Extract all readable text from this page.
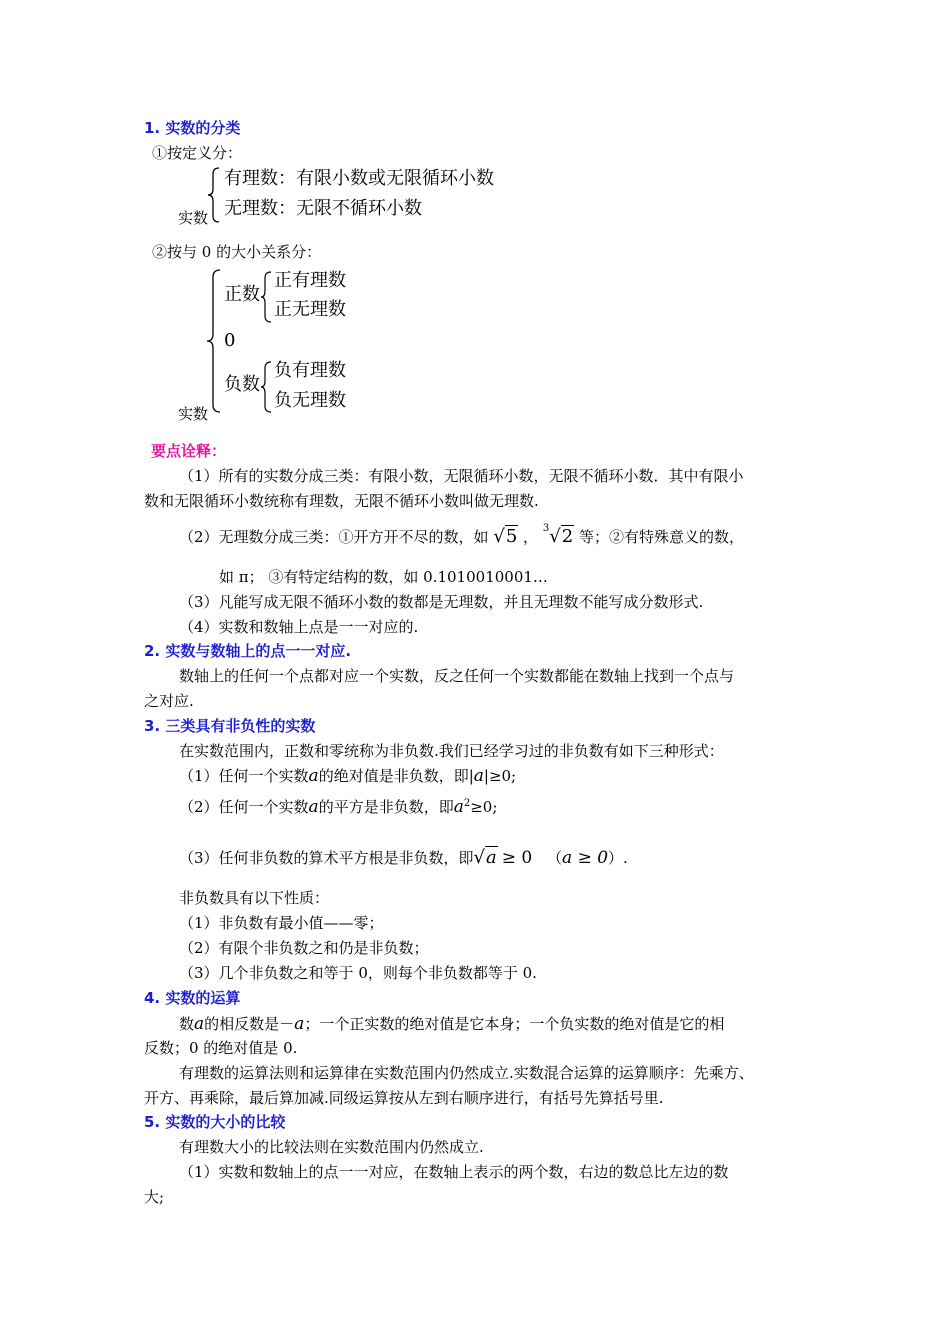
1. 实数的分类
①按定义分：
实数
有理数：有限小数或无限循环小数
无理数：无限不循环小数
②按与 0 的大小关系分：
实数
正数
正有理数
正无理数
0
负数
负有理数
负无理数
要点诠释：
（1）所有的实数分成三类：有限小数，无限循环小数，无限不循环小数．其中有限小
数和无限循环小数统称有理数，无限不循环小数叫做无理数.
（2）无理数分成三类：①开方开不尽的数，如 √5 ， $^3$√2 等；②有特殊意义的数，
如 π； ③有特定结构的数，如 0.1010010001…
（3）凡能写成无限不循环小数的数都是无理数，并且无理数不能写成分数形式.
（4）实数和数轴上点是一一对应的.
2. 实数与数轴上的点一一对应.
数轴上的任何一个点都对应一个实数，反之任何一个实数都能在数轴上找到一个点与
之对应.
3. 三类具有非负性的实数
在实数范围内，正数和零统称为非负数.我们已经学习过的非负数有如下三种形式：
（1）任何一个实数a的绝对值是非负数，即|a|≥0;
（2）任何一个实数a的平方是非负数，即$a^2\ge 0$;
（3）任何非负数的算术平方根是非负数，即√a ≥ 0 （a ≥ 0）.
非负数具有以下性质：
（1）非负数有最小值——零；
（2）有限个非负数之和仍是非负数；
（3）几个非负数之和等于 0，则每个非负数都等于 0.
4. 实数的运算
数a的相反数是－a；一个正实数的绝对值是它本身；一个负实数的绝对值是它的相
反数；0 的绝对值是 0.
有理数的运算法则和运算律在实数范围内仍然成立.实数混合运算的运算顺序：先乘方、
开方、再乘除，最后算加减.同级运算按从左到右顺序进行，有括号先算括号里.
5. 实数的大小的比较
有理数大小的比较法则在实数范围内仍然成立.
（1）实数和数轴上的点一一对应，在数轴上表示的两个数，右边的数总比左边的数
大;
